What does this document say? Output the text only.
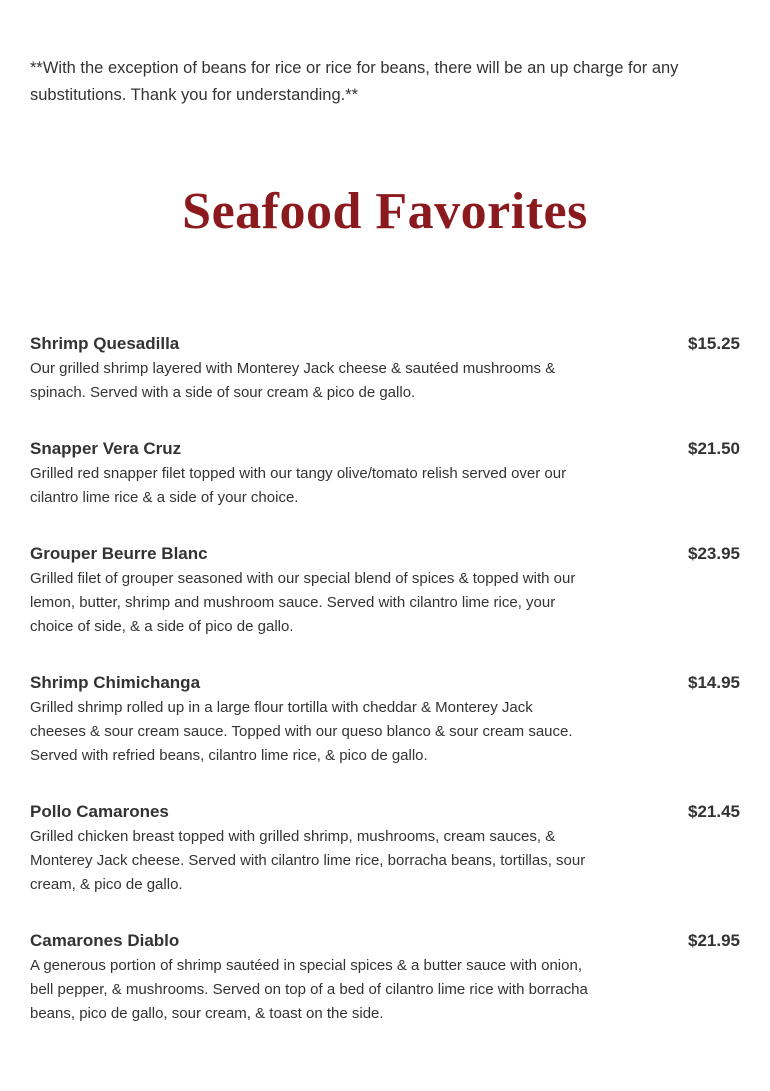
**With the exception of beans for rice or rice for beans, there will be an up charge for any substitutions. Thank you for understanding.**
Seafood Favorites
Shrimp Quesadilla	$15.25
Our grilled shrimp layered with Monterey Jack cheese & sautéed mushrooms & spinach. Served with a side of sour cream & pico de gallo.
Snapper Vera Cruz	$21.50
Grilled red snapper filet topped with our tangy olive/tomato relish served over our cilantro lime rice & a side of your choice.
Grouper Beurre Blanc	$23.95
Grilled filet of grouper seasoned with our special blend of spices & topped with our lemon, butter, shrimp and mushroom sauce. Served with cilantro lime rice, your choice of side, & a side of pico de gallo.
Shrimp Chimichanga	$14.95
Grilled shrimp rolled up in a large flour tortilla with cheddar & Monterey Jack cheeses & sour cream sauce. Topped with our queso blanco & sour cream sauce. Served with refried beans, cilantro lime rice, & pico de gallo.
Pollo Camarones	$21.45
Grilled chicken breast topped with grilled shrimp, mushrooms, cream sauces, & Monterey Jack cheese. Served with cilantro lime rice, borracha beans, tortillas, sour cream, & pico de gallo.
Camarones Diablo	$21.95
A generous portion of shrimp sautéed in special spices & a butter sauce with onion, bell pepper, & mushrooms. Served on top of a bed of cilantro lime rice with borracha beans, pico de gallo, sour cream, & toast on the side.
